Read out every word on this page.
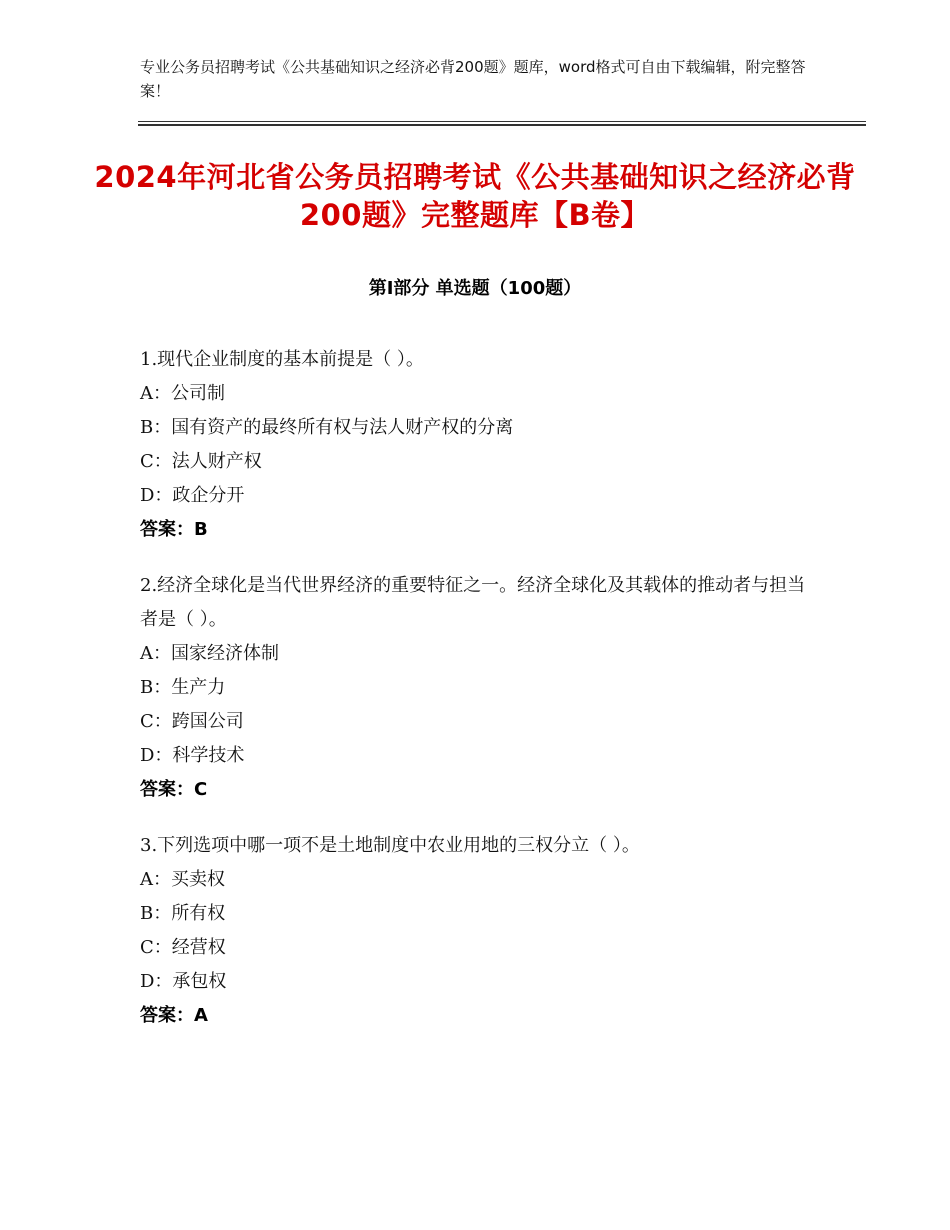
专业公务员招聘考试《公共基础知识之经济必背200题》题库，word格式可自由下载编辑，附完整答案！
2024年河北省公务员招聘考试《公共基础知识之经济必背200题》完整题库【B卷】
第I部分 单选题（100题）
1.现代企业制度的基本前提是（ ）。
A：公司制
B：国有资产的最终所有权与法人财产权的分离
C：法人财产权
D：政企分开
答案：B
2.经济全球化是当代世界经济的重要特征之一。经济全球化及其载体的推动者与担当者是（ ）。
A：国家经济体制
B：生产力
C：跨国公司
D：科学技术
答案：C
3.下列选项中哪一项不是土地制度中农业用地的三权分立（ ）。
A：买卖权
B：所有权
C：经营权
D：承包权
答案：A
